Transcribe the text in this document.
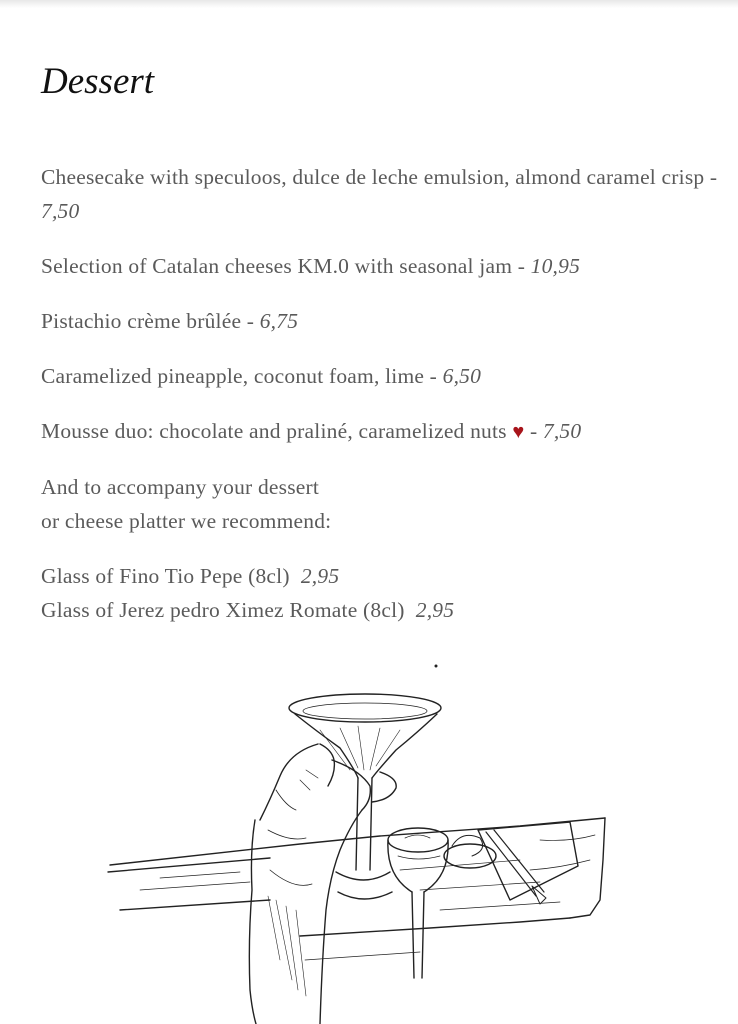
Dessert

Cheesecake with speculoos, dulce de leche emulsion, almond caramel crisp - 7,50

Selection of Catalan cheeses KM.0 with seasonal jam - 10,95

Pistachio crème brûlée - 6,75

Caramelized pineapple, coconut foam, lime - 6,50

Mousse duo: chocolate and praliné, caramelized nuts ♥ - 7,50

And to accompany your dessert
or cheese platter we recommend:

Glass of Fino Tio Pepe (8cl) 2,95

Glass of Jerez pedro Ximez Romate (8cl) 2,95
